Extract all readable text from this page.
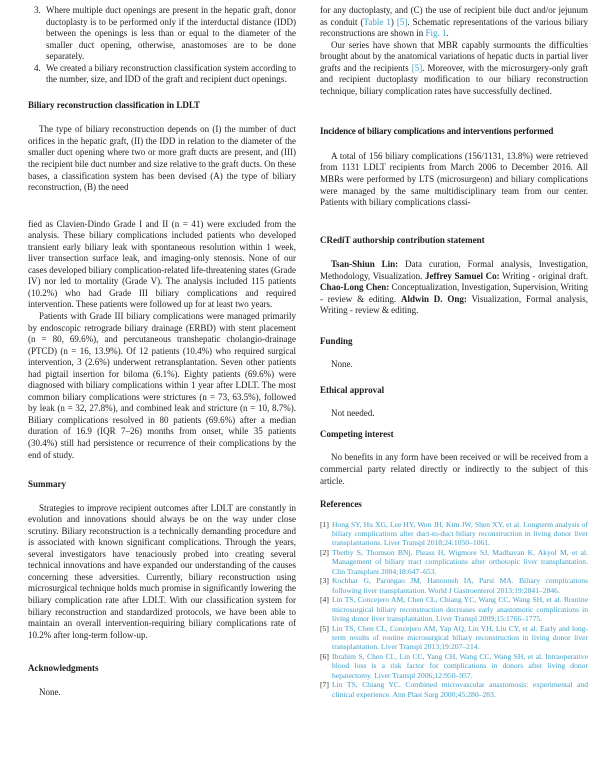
3. Where multiple duct openings are present in the hepatic graft, donor ductoplasty is to be performed only if the interductal distance (IDD) between the openings is less than or equal to the diameter of the smaller duct opening, otherwise, anastomoses are to be done separately.
4. We created a biliary reconstruction classification system according to the number, size, and IDD of the graft and recipient duct openings.
Biliary reconstruction classification in LDLT

The type of biliary reconstruction depends on (I) the number of duct orifices in the hepatic graft, (II) the IDD in relation to the diameter of the smaller duct opening where two or more graft ducts are present, and (III) the recipient bile duct number and size relative to the graft ducts. On these bases, a classification system has been devised (A) the type of biliary reconstruction, (B) the need

fied as Clavien-Dindo Grade I and II (n = 41) were excluded from the analysis. These biliary complications included patients who developed transient early biliary leak with spontaneous resolution within 1 week, liver transection surface leak, and imaging-only stenosis. None of our cases developed biliary complication-related life-threatening states (Grade IV) nor led to mortality (Grade V). The analysis included 115 patients (10.2%) who had Grade III biliary complications and required intervention. These patients were followed up for at least two years.

Patients with Grade III biliary complications were managed primarily by endoscopic retrograde biliary drainage (ERBD) with stent placement (n = 80, 69.6%), and percutaneous transhepatic cholangio-drainage (PTCD) (n = 16, 13.9%). Of 12 patients (10.4%) who required surgical intervention, 3 (2.6%) underwent retransplantation. Seven other patients had pigtail insertion for biloma (6.1%). Eighty patients (69.6%) were diagnosed with biliary complications within 1 year after LDLT. The most common biliary complications were strictures (n = 73, 63.5%), followed by leak (n = 32, 27.8%), and combined leak and stricture (n = 10, 8.7%). Biliary complications resolved in 80 patients (69.6%) after a median duration of 16.9 (IQR 7–26) months from onset, while 35 patients (30.4%) still had persistence or recurrence of their complications by the end of study.

Summary

Strategies to improve recipient outcomes after LDLT are constantly in evolution and innovations should always be on the way under close scrutiny. Biliary reconstruction is a technically demanding procedure and is associated with known significant complications. Through the years, several investigators have tenaciously probed into creating several technical innovations and have expanded our understanding of the causes concerning these adversities. Currently, biliary reconstruction using microsurgical technique holds much promise in significantly lowering the biliary complication rate after LDLT. With our classification system for biliary reconstruction and standardized protocols, we have been able to maintain an overall intervention-requiring biliary complications rate of 10.2% after long-term follow-up.

Acknowledgments

None.

for any ductoplasty, and (C) the use of recipient bile duct and/or jejunum as conduit (Table 1) [5]. Schematic representations of the various biliary reconstructions are shown in Fig. 1.

Our series have shown that MBR capably surmounts the difficulties brought about by the anatomical variations of hepatic ducts in partial liver grafts and the recipients [5]. Moreover, with the microsurgery-only graft and recipient ductoplasty modification to our biliary reconstruction technique, biliary complication rates have successfully declined.

Incidence of biliary complications and interventions performed

A total of 156 biliary complications (156/1131, 13.8%) were retrieved from 1131 LDLT recipients from March 2006 to December 2016. All MBRs were performed by LTS (microsurgeon) and biliary complications were managed by the same multidisciplinary team from our center. Patients with biliary complications classi-

CRediT authorship contribution statement

Tsan-Shiun Lin: Data curation, Formal analysis, Investigation, Methodology, Visualization. Jeffrey Samuel Co: Writing - original draft. Chao-Long Chen: Conceptualization, Investigation, Supervision, Writing - review & editing. Aldwin D. Ong: Visualization, Formal analysis, Writing - review & editing.

Funding

None.

Ethical approval

Not needed.

Competing interest

No benefits in any form have been received or will be received from a commercial party related directly or indirectly to the subject of this article.

References
[1] Hong SY, Hu XG, Lee HY, Won JH, Kim JW, Shen XY, et al. Longterm analysis of biliary complications after duct-to-duct biliary reconstruction in living donor liver transplantations. Liver Transpl 2018;24:1050–1061.
[2] Thethy S, Thomson BNj, Pleass H, Wigmore SJ, Madhavan K, Akyol M, et al. Management of biliary tract complications after orthotopic liver transplantation. Clin Transplant 2004;18:647–653.
[3] Kochhar G, Parungao JM, Hanouneh IA, Parsi MA. Biliary complications following liver transplantation. World J Gastroenterol 2013;19:2841–2846.
[4] Lin TS, Concejero AM, Chen CL, Chiang YC, Wang CC, Wang SH, et al. Routine microsurgical biliary reconstruction decreases early anastomotic complications in living donor liver transplantation. Liver Transpl 2009;15:1766–1775.
[5] Lin TS, Chen CL, Concejero AM, Yap AQ, Lin YH, Liu CY, et al. Early and long-term results of routine microsurgical biliary reconstruction in living donor liver transplantation. Liver Transpl 2013;19:207–214.
[6] Ibrahim S, Chen CL, Lin CC, Yang CH, Wang CC, Wang SH, et al. Intraoperative blood loss is a risk factor for complications in donors after living donor hepatectomy. Liver Transpl 2006;12:950–957.
[7] Lin TS, Chiang YC. Combined microvascular anastomosis: experimental and clinical experience. Ann Plast Surg 2000;45:280–283.
